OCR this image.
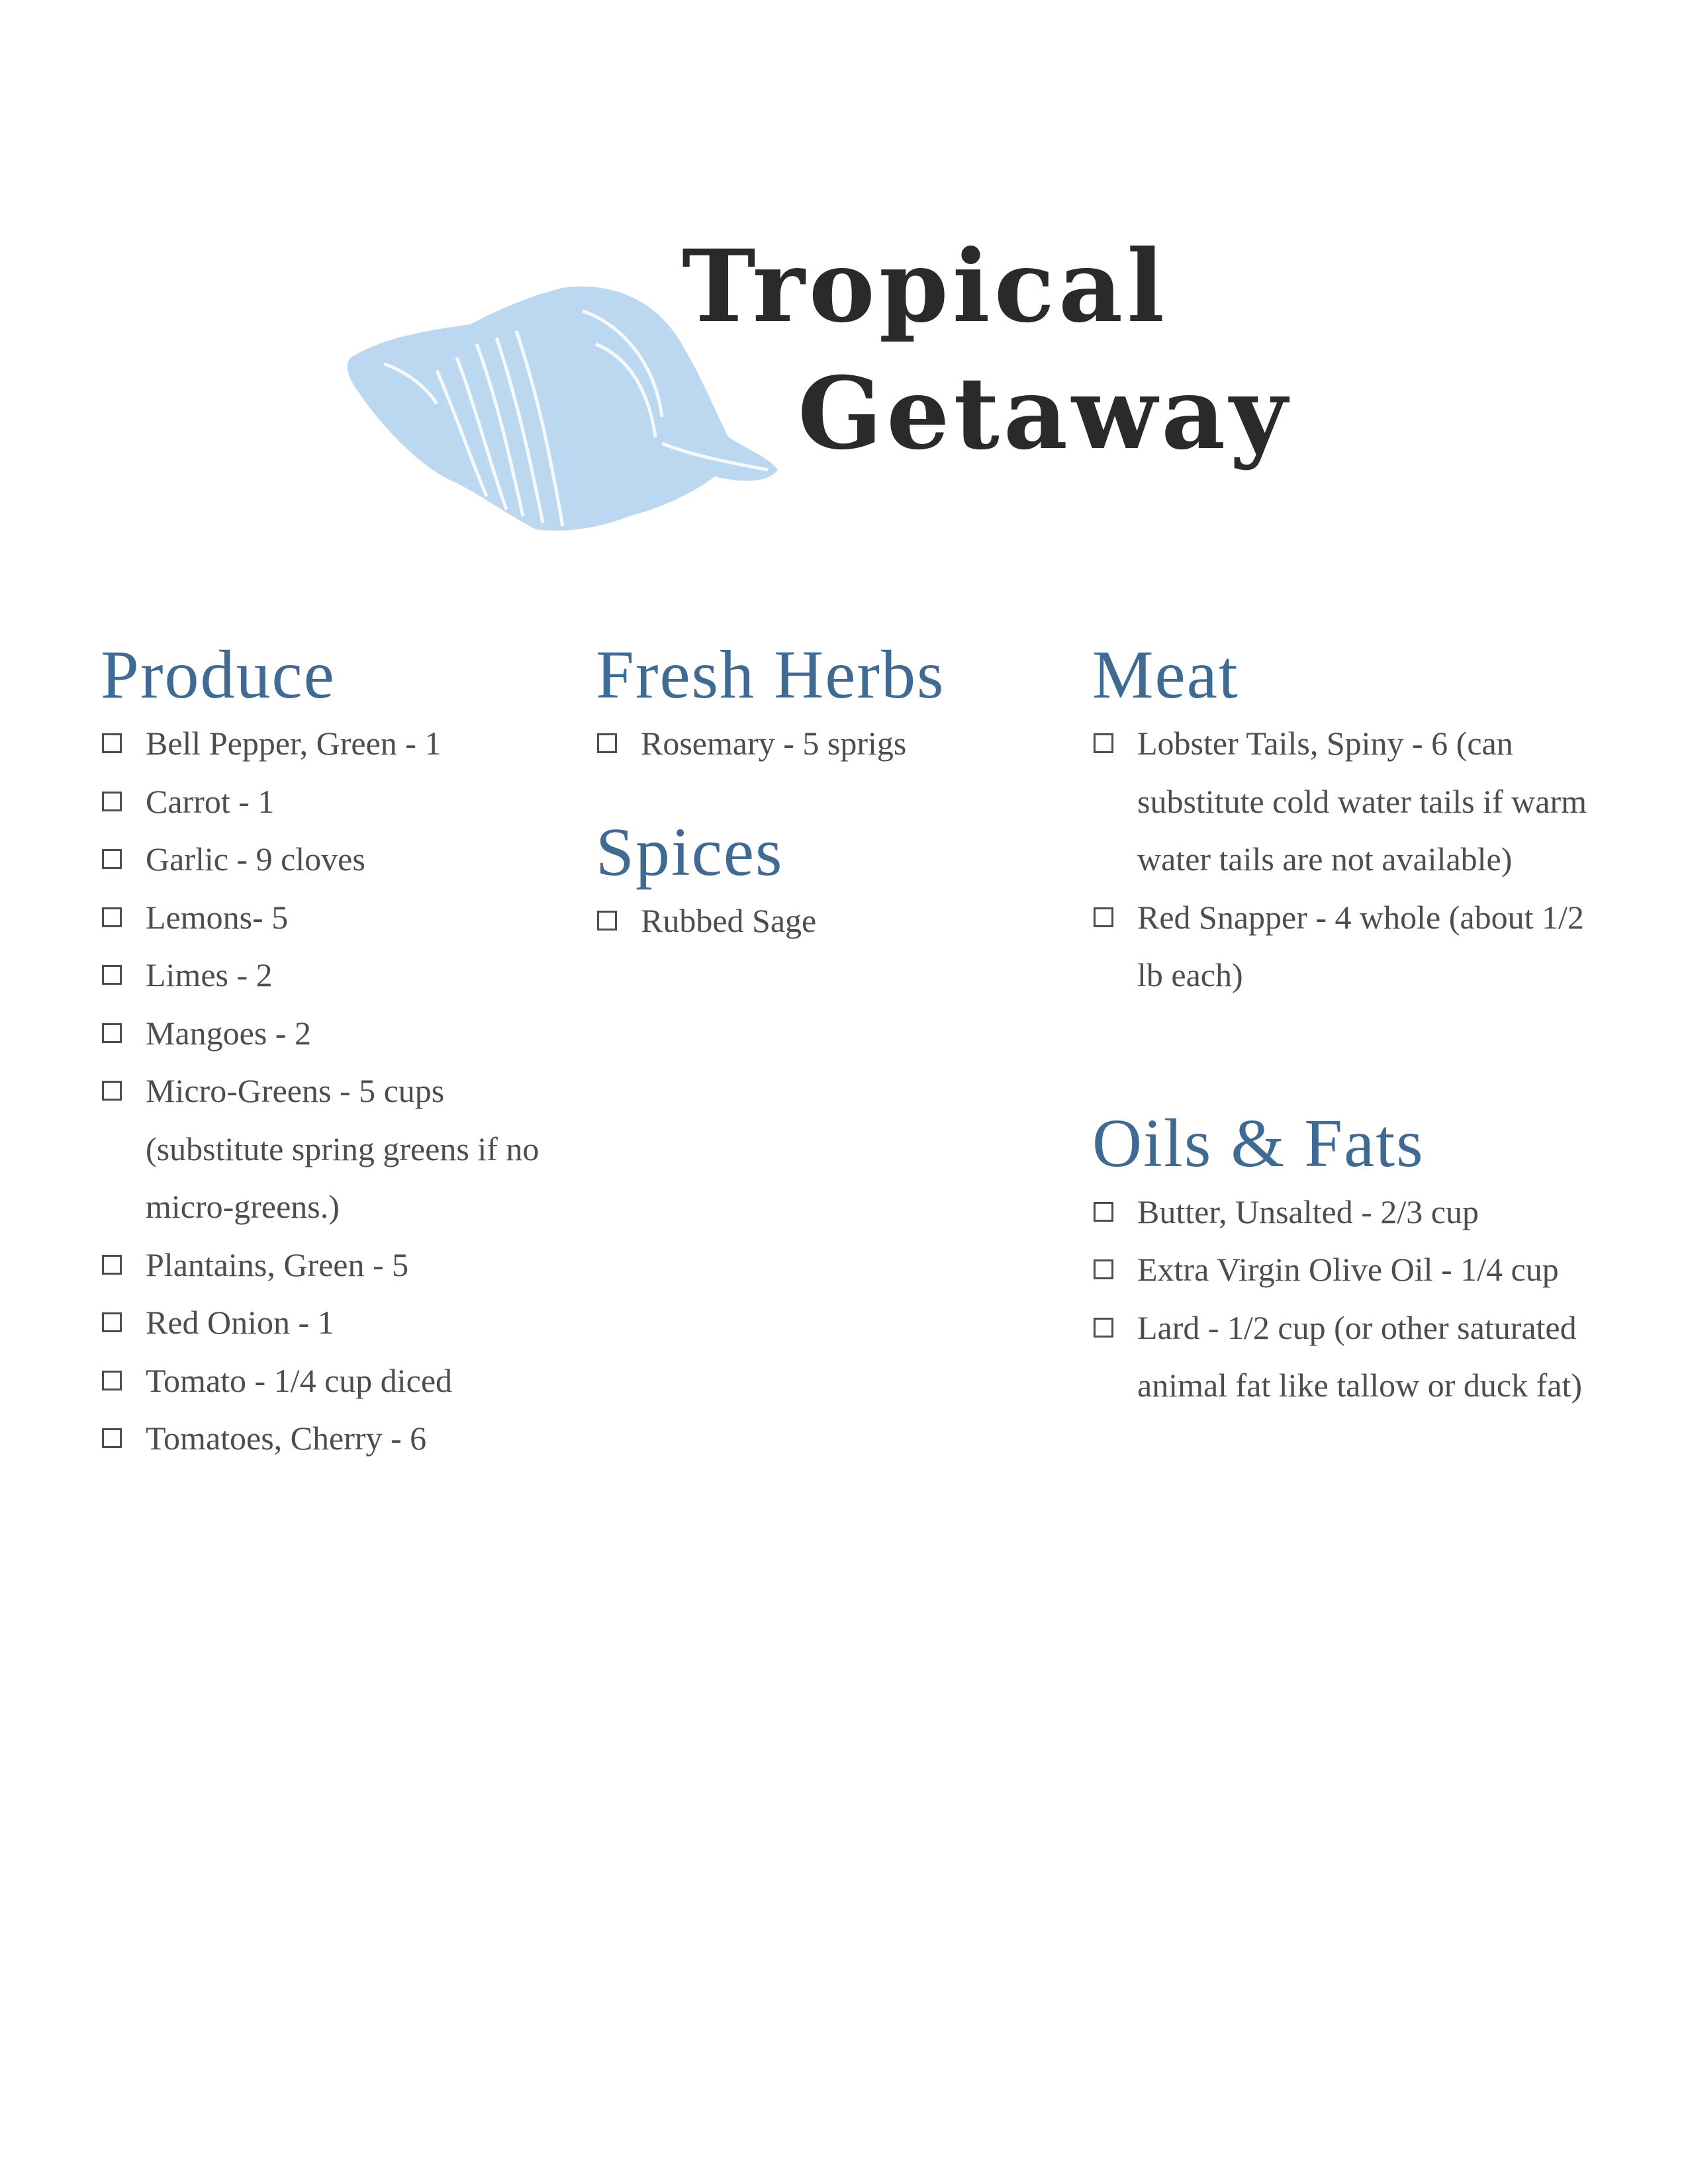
Tropical
Getaway
Produce
Bell Pepper, Green - 1
Carrot - 1
Garlic - 9 cloves
Lemons- 5
Limes - 2
Mangoes - 2
Micro-Greens - 5 cups (substitute spring greens if no micro-greens.)
Plantains, Green - 5
Red Onion - 1
Tomato - 1/4 cup diced
Tomatoes, Cherry - 6
Fresh Herbs
Rosemary - 5 sprigs
Spices
Rubbed Sage
Meat
Lobster Tails, Spiny - 6 (can substitute cold water tails if warm water tails are not available)
Red Snapper - 4 whole (about 1/2 lb each)
Oils & Fats
Butter, Unsalted - 2/3 cup
Extra Virgin Olive Oil - 1/4 cup
Lard - 1/2 cup (or other saturated animal fat like tallow or duck fat)
